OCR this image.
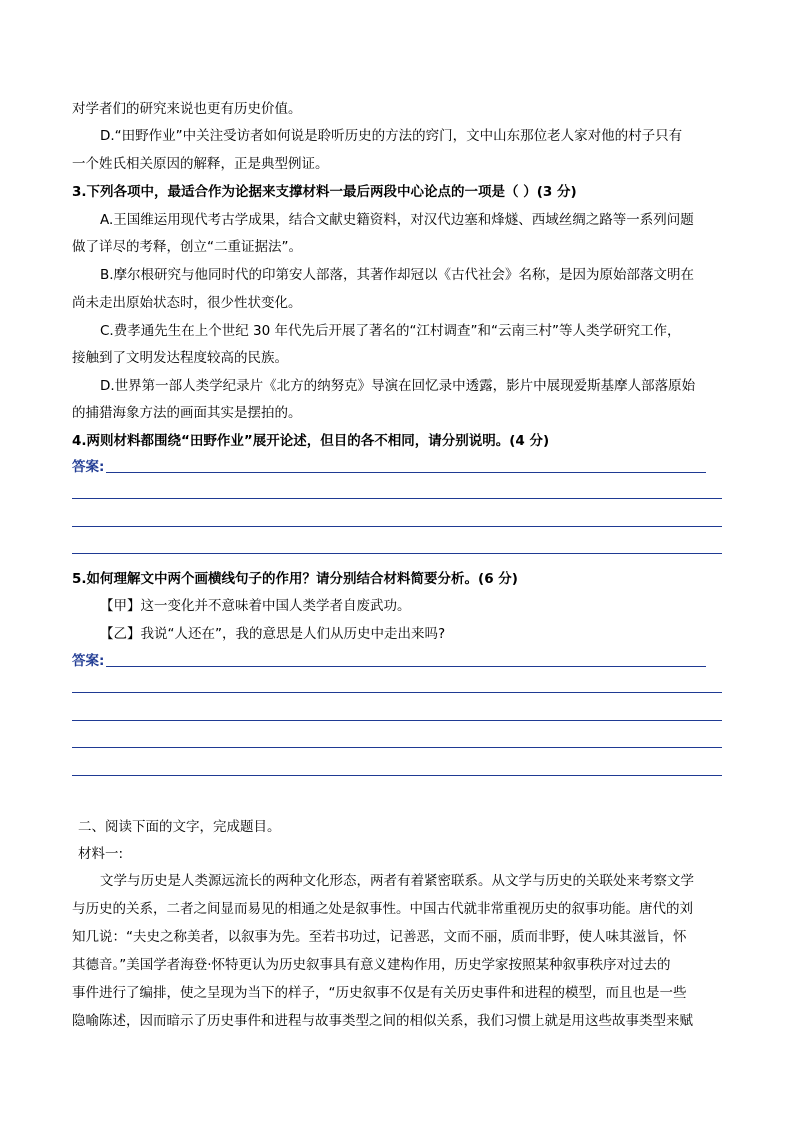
对学者们的研究来说也更有历史价值。
D.“田野作业”中关注受访者如何说是聆听历史的方法的窍门，文中山东那位老人家对他的村子只有
一个姓氏相关原因的解释，正是典型例证。
3.下列各项中，最适合作为论据来支撑材料一最后两段中心论点的一项是（ ）(3 分)
A.王国维运用现代考古学成果，结合文献史籍资料，对汉代边塞和烽燧、西域丝绸之路等一系列问题
做了详尽的考释，创立“二重证据法”。
B.摩尔根研究与他同时代的印第安人部落，其著作却冠以《古代社会》名称，是因为原始部落文明在
尚未走出原始状态时，很少性状变化。
C.费孝通先生在上个世纪 30 年代先后开展了著名的“江村调查”和“云南三村”等人类学研究工作，
接触到了文明发达程度较高的民族。
D.世界第一部人类学纪录片《北方的纳努克》导演在回忆录中透露，影片中展现爱斯基摩人部落原始
的捕猎海象方法的画面其实是摆拍的。
4.两则材料都围绕“田野作业”展开论述，但目的各不相同，请分别说明。(4 分)
答案:
5.如何理解文中两个画横线句子的作用？请分别结合材料简要分析。(6 分)
【甲】这一变化并不意味着中国人类学者自废武功。
【乙】我说“人还在”，我的意思是人们从历史中走出来吗?
答案:
二、阅读下面的文字，完成题目。
材料一:
文学与历史是人类源远流长的两种文化形态，两者有着紧密联系。从文学与历史的关联处来考察文学
与历史的关系，二者之间显而易见的相通之处是叙事性。中国古代就非常重视历史的叙事功能。唐代的刘
知几说：“夫史之称美者，以叙事为先。至若书功过，记善恶，文而不丽，质而非野，使人味其滋旨，怀
其德音。”美国学者海登·怀特更认为历史叙事具有意义建构作用，历史学家按照某种叙事秩序对过去的
事件进行了编排，使之呈现为当下的样子，“历史叙事不仅是有关历史事件和进程的模型，而且也是一些
隐喻陈述，因而暗示了历史事件和进程与故事类型之间的相似关系，我们习惯上就是用这些故事类型来赋
